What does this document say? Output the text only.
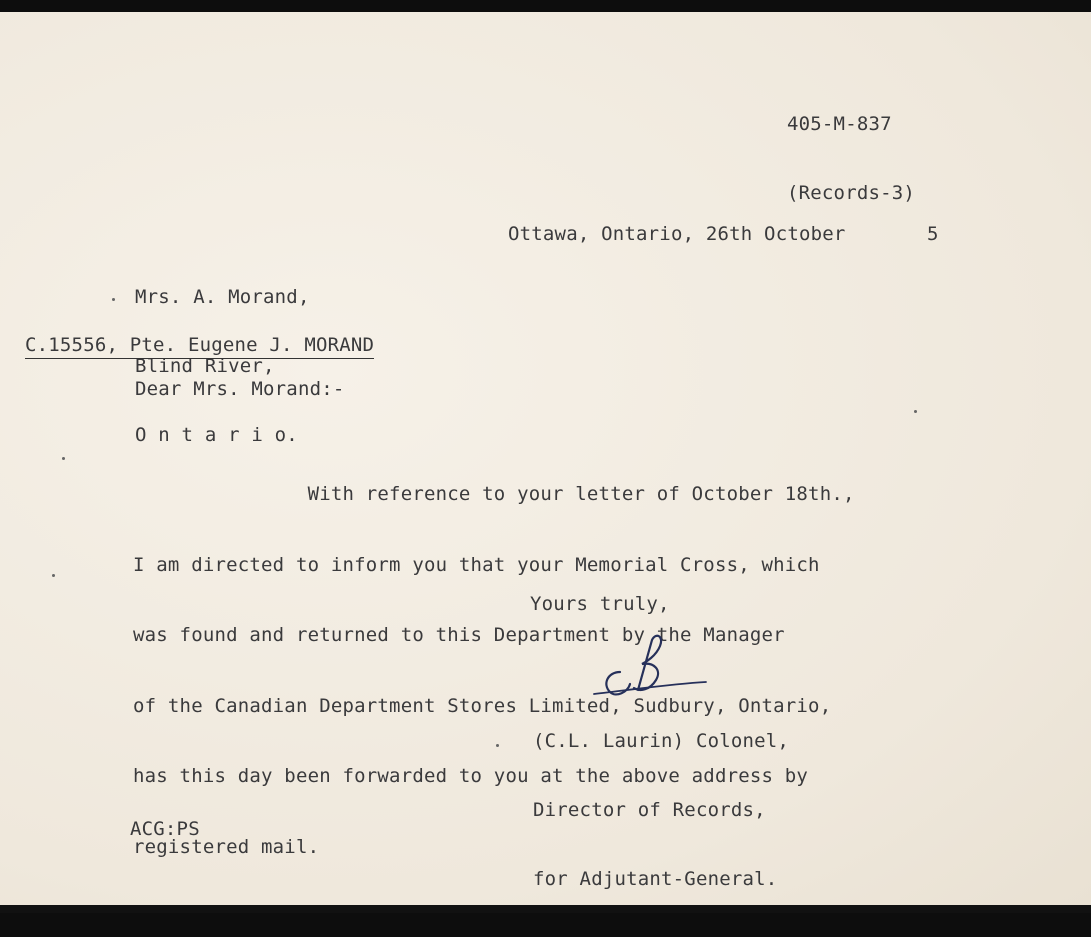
405-M-837

(Records-3)

Ottawa, Ontario, 26th October       5

Mrs. A. Morand,

Blind River,

O n t a r i o.

C.15556, Pte. Eugene J. MORAND
Dear Mrs. Morand:-

With reference to your letter of October 18th.,

I am directed to inform you that your Memorial Cross, which

was found and returned to this Department by the Manager

of the Canadian Department Stores Limited, Sudbury, Ontario,

has this day been forwarded to you at the above address by

registered mail.

Yours truly,

(C.L. Laurin) Colonel,

Director of Records,

for Adjutant-General.

ACG:PS
